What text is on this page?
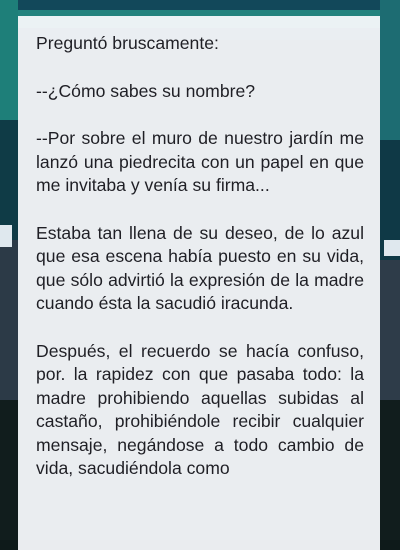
Preguntó bruscamente:

--¿Cómo sabes su nombre?

--Por sobre el muro de nuestro jardín me lanzó una piedrecita con un papel en que me invitaba y venía su firma...

Estaba tan llena de su deseo, de lo azul que esa escena había puesto en su vida, que sólo advirtió la expresión de la madre cuando ésta la sacudió iracunda.

Después, el recuerdo se hacía confuso, por. la rapidez con que pasaba todo: la madre prohibiendo aquellas subidas al castaño, prohibiéndole recibir cualquier mensaje, negándose a todo cambio de vida, sacudiéndola como
